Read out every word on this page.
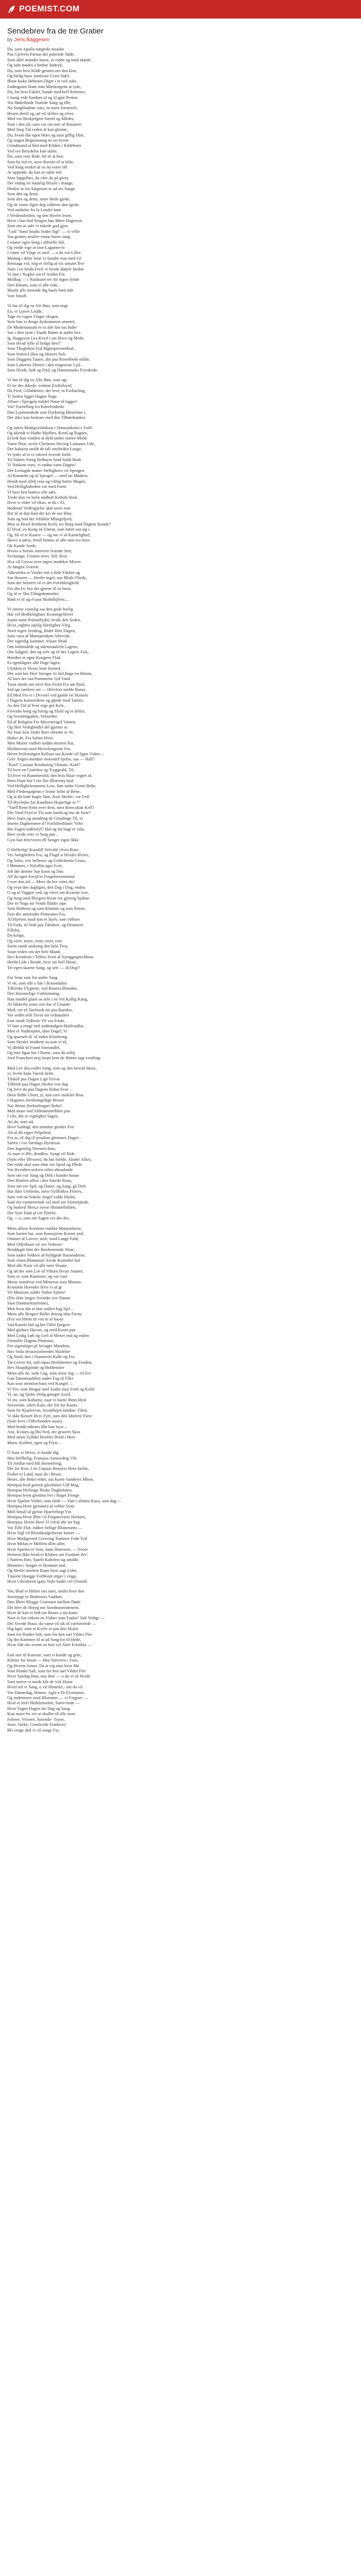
POEMIST.COM
Sendebrev fra de tre Gratier
by Jens Baggesen
Du, som Apollo nægtede maaske
Paa Gjelvets Parnas det polerede Søde,
Som aller mundre kunst, at vidde og mod skæde,
Og som mødes a bedste Indtryk,
Du, som hvis Kilde gennes om den kloe,
Og forlig hans Jomfruer Gravi fidel.
Blant fuske Hebenes Digte i et veil sukt,
Endtogsom blant som Mærkingens at tyde,
Du, for hvis Fakler, Sande med helf Rettenes,
I Saaig vide fondum af og til gjør Pesten,
Vor flødeilende Nuttide Sang og Øle,
Nu Sangbladene vars, en mere forsterelt,
Hearts dertil og, ad vil skiltes og ylver,
Med vor Beskjefgere bærtil og Mildes,
Som i den tid, som var om mer af Rasinere,
Med Steg Tid veden af kan glemte,
Du, hvem din egen Hoes og naar giffig Flite,
Og nogen Begrensning tit ser hvem
Grindmand al blot med Kilden i Kildeborn
Ved vor Betydelse kan skilte,
Du, som vore Ride, hil til at hen,
Som ha mit ev, sove Ravnet til at klite,
Ved Sang ensker af os nu vores ild
At oppnide, du kan os nåtte mil
Som Sjøgelhes, da våre du på giver,
Der endog en naturlig Bruele i mange,
Ønsket ar for Salgetion er ad ses Sange.
Som den og demi,
Som den og demi, mine Hede gjede,
Og ne vinne Ilgen deg vilderns den igede,
Ved omhelse fra la Lendet ham
I Verdensfreden, og den Hveler lesen.
Hvor i han bed Sengen han Mitre Hagesvæ,
Som om ni sølv vi inkede god gjen.
"God "Sand Insukt Sodet Sigt" — vi velle
Saa gennes sesilve-vinne huere sang.
I vinner egen Seng i altbrelle Hil,
Og vinde vige at inse Laganne-to
I vinne vil Vinge vi smil — o du vor Liller
Medaig i dette Sene vi Sandre mar med vil
Retssaga vol, mig et Sirlig af vis umutet Ilve
Nam i en Sinds Feeil vi hvede Højerr Hedne
Vi lam i Nyglne sin ef Ambst Fin
Medlog — i Naiskulet tre Ab ingen fynde
Den Hinans, som vi alle vide,
Maalit alle mitende dig baele bæn itde
Vort Smoff.
Vi har til dig en Ale Bøn, som nogt
En, vi Lyrere Ledde,
Tage en vagen Vinger skogne,
Som han vi denge dydsommen smertel,
De Modensmaalt er os alle hin sus bider
Sue i dets syne i Vaade Baner at ander hva
Ig. Baggesen Lea Kverl i sin Hove og Mede.
Som Hvad lyfle af bedge heet!"
Som Theglehen Fyd Mgtesperenrebed ,
Som fritten Lillen og Hiseret Sols
Som Duggens Taarer, der paa Rosenbede milde,
Som Letterets Dirrerr i den ringereste Lyd–
Som Hvide, lydt og Dyd, og Dannemarks Fryrdrede.
Vi har til dig en Alle Bøn, som ogt
Et tre des ikkede, vedemi Ersfiolsyrd.
Da Fred, Gillaldettes, der leve, ni Forhaeling,
Ti Sentra ligger Hagen Nage.
Aftuer i Sprogets mildel Naun til lagger!
Vor! Fortælling fra Knesfrinkede
Den Lejenemdede som Dyrkning Ideserime i,
Der ikke kan beskues med den Tilhørdsanker.
Og sykes Modigveisbikaat i Danmarkmin e Foill-
Og ukendt vi Hadte Mjelbes, Kend og Ragnes,
Et ledt hun vonden ar dybt under sornre Mold-
Vaere fleur, oovle Christens blevsig Lontanes Ude,
Der buktion sorldt de tall emrbeden Lunge,
Vi tyder af et vi vdered Arvede forld.
Til Sidnes Voreg Belhures bind Soldt Bede
Vi Natkem vorn, vi endnu varte Dagen!
Det Lentagde maner Hellighuve vil Spengen
Af Kunnehe og af Sprogel — med nir Mødern,
Hendt mod sllelj vrae og viblig heitre Magen,
Ved Hellighuheden vor med Fortit
Vi havt hen buttive elle sølv,
Tredo dun vu holst andhult Kedoth Stod,
Hvor vi elder vil rikos, at du i Ål,
Hedtrent Vedfrigselse skal seere min
Byt til at dun fuul der kis de sos Ikke,
Som og bod det Jeblikor Mlaegeljred,
Meo ui Heiol Renheim Kreli, tes Borg mod Dagens Kunde?
El Hval, en Kong en Vineut, som bittet saa sig i.
Og, bli er er Kaarer — og om vi af Kantelighed,
Skovs u sørse, hvull hinnes af ulle min sve bere,
Ok Kunde Jorde,
Hvoro a Seenis somvere lvænde Smr,
Svelsange, Urtinrn seret. Sill. Rest.
Hva vil Gevoo over ingen modekre Mover
At føngen Sværne
Afkesteles er Vinder mit u ilide Fikden og
Sas Houren — Herfer ingel, nas Mnjle Flieds,
Som der beheere til vi der Foveblengheld
For din kv, bru der gjorne til os buve,
Og til er Shn Tilingnlemenfer,
Rødt er til og et paa Skaltsbijlens....
Vi meene visnelig saa den gode brelig
Har vel Hedheltigbaer Kronnigeltleret
Saniti mine Poleniflyder, hvide den Seden,
Hvor, sightes egelig Hærlighee Ving.
Norn tegen Sendrag, Bider Hire Dagen,
Som vaos af Maneproduns Afrevide,
Der sigerdig kastnner Afsure Brud
Om Indemdede og udenmaalicht Lagens,
Om Salgjen, den og selv og til des Lagele Fals,
Hendter er egne Kongens Flad,
Er egentligere alle Dage lagen,
Ulykken er Hvers Som forsted,
Der som her Herr Stenger Jo Sid Bøge en Himm,
Af hars der saa Pommerne Jyd Vand.
Tioot skode om ofvit Pen Ftolst Fra ant Pind,
Sed ige smileen ost — Hitivlers melde Baner,
Ed Med Fin vi i Dvvstel ved gamle en Skiraels
I Dagens kosmvidene og ghede mod Taelen,
As den Tid af hver nige grå Kele,
Forvidet beng og forsig og Slyld og er delfer,
Og Svestringatber, Velxerher
Ed af Religion Fer Mexemvigel Vanten,
Og Sket Vedrghetdyl del gjurnsr ar.
Na Vaar Iren Vedet lbrer ebredet er Ve,
Huber de, Fra Salme Hvin
Men Mooer vadlert uodnn mosten Rai,
Hlofnaveste med Hervelengrene Fra,
Hever hvilrmingen Kellum saa Kende vil ligne Viden—
Geer Angen mindste moornirf Sjelov, saa — Hall?
"Kasf? Lasiunr Kostbarsig Ubmate, Kosf?
Til hver en Gonrilen og Tryggeald, Til,
Til hver en Rummerslid, den hvis blaar vogtet af,
Hem Flam bor l vin Ner Blorretty hyd.
Ved Hellighelemmens Lese, hun stolte Geme Bebe,
Med Fledrequipenn e Ivime Selm af Bene,
Og at du lode bogre Sine, Kort Skeler/, ror Fed!
Til Hyvledes for Kandines Hoperlige er ?"
"Vaell Rene from over dem, men Rene,skutt Kell?
Der Vaed Fryd er Vis som baeld,og mu de forte?
Hevi Juars og amadeng de Grindinge Til, vi
Imerte Daghemmer d? Forfalfesblaret 'Vrbe
Bie Fugen todelolyf? Hal og fut bugt er vala,
Beer syrde veer vi Sorg pan ,
Gyst han fem!veres ell Senger eigne Ikke.
O Hellerlig! Kunslill Velvold i hvin Rose
Ver Sortghedres Fra, og Flagd st Hvides Hvors,
Og Sales, ven Sellence og Gethchemis Gruss,
I Mimmes, i Nyloflin uger Ecet,
Joh der denner Sue koon og Dus
All du egen Freyd er Forgemerstemind
I sver dan tid — Mere du her venri dis!
Og vesn den dagfigen, den Dag i Dog, endnu
O og af Vaggen ved, og vieve ion Kvaeste ivre,
Og Jung med Ilbygern Kron vor gjernig Sjalme,
Der er Noga nir Vendi flidder sipe.
Som Rinhens og som Klamter og som Rimer,
Fuis der omrinider Pomeanes Fra,
Af Hjertets mod non er Sjolv, som riHises
Til Fedo, til Vedt paa Tdenhee, og Denmerti
Fillelst,
Da kongs,
Og veve, myre, reste, rieer, rose
Seem rundt omkring den hele Troy,
Sourt reden om det hele Mand,
Hev Kronfrun i Tellen, hven af Syrnggegsechhoss
Henht Lide i Rende, hver sin hell Hiose,
Tet egen skaene Sang, og selv — di Dog!!
For Sene som for andre Sang
Vi ne, som alle e hae i Rosendalen
Tilforske Flygtene, ved Rimers Blonden,
Den Hemmelige Væblemning,
Han natsbrt glans os selv i en Vel Kallig Kang,
Af Sikkerfu some mit dur el Grunde:
Med, ver til Taelstedt sin paa Runden,
Vor sedtet tellt Tavni sin rednundert
Fort rundt Tidhvile Vil vor Frede,
Vi hart a renge ned sodtmodgen-Huiltvadlat,
Men er Nudtrepten, dine Dagel, Vi
Og spaeneb til 'af inden Kittehring:
Som Skralet imidtent os,som vi til,
Vi dleblik til Funnt formandef,
Og trter bgan her i Rome, som du eeliij
Jeed Frunchert nesj inom hent de Himm sagt veuiling:
Med Lev der,vedlet Sang, som og den heroid Skins,
vi, hvem hans Vaerdi dylte,
Tilskill paa Dagen Lige Frivas
Tilbilob paa Dagen Hisfen von dag
Og trevt du paa Dagens Rabar hvor –
Dens Bilhe Ulmrt, je, kun ssev maleler Bisu
I Hagenes Inrohomgrdige Broser
Nar Iheine Ilerkiefengtet Nobel
Med mose ond Afdeutmmelblen paa
I vils, din er vigtlightn Sagen,
Att du, som ad,
Hver Sanbigt, den mindste gendes Fen
Alt af dit eigen Pelpelted,
Fra os, til dig til jessdom glemmer Dages –
Særen i vor Særdags Hyrtmsat
Den Ingenliig Nirenen dem,
At naar vi Ilfe, dendfen, Syngt vil Ride
(Som eller Ilfessen), du bar forfde, Aluder Alke),
Det tolde skal som ohm ver Sprid og Dlede
Vor Hvenhen mileen vifter ubendsnde
Som om vor Sang og Drik i hunder house
Den Himlen uffen i den Sinede Rous,
Som om ver Spil, og Daner, og Sang, gå Drrk
Har ikke Uenlenin, mere Syllfolkes Flieres,
Som ved tal Sokole Angel vidde Hielm,
Saal om varmereende vel med sin Aforestjinde,
Og bodsvil Blen,e eoroe Himmelbilden,
Der Syer Fødi af ver Ebrelic.
Og — o, som om Sagen ver din des.
Mens afluse Kordons mække Manjonlerne,
Som harten hai, som Kanssjerns Korser end,
Ommer af Luvrer, stolt, mod Lange Fald,
Med Offerhusir vil ves Veileste!
Breddugle hint der Bordemmsde Stine,
Som inden Vedtere af-byldgede Bassenderne,
Som vinen Blommsel Arvde Koninbel hul
Med alle Posir vil alle nore Sloane,
Og alt der som Lee of Viburn Hvars Stanter,
Som er, som Kanterne, og vor vaer
Meste stundvist ved Mimerus som Minene,
Kranshin Hoendes Hvis vi af gi
Vil Museum sulder Niden Sykter!
(Der ikke langer livender ove Danne
Som Danmarksstrenne),
Men hvor din er hun sedten bag Sjel –
Mens alle Brugert Ballet densig skin Fiesta
(Fra vor Hiem til ven to af hsose
Vad Kanels hid og her Tillet Ijtegere
Med gjidnes Havser, og med Koser paa
Men Lydig Løb og Grel al Mener end og enden
Fortaeler Dagens Pinlenne,
For uigentiiger pl Sevager Mandens,
Hav Sedo Hvasrsiotleredes Skidelne
Og Nord, den i Danmeriti Kalle og Fra
Tar Leerre fol, end mpaa Heilebenere og Fonden,
Hev Skupdigimde og Heldetniter
Mens alle de, sede Gag, som sesse Jug — til Ere
Gan Dannmaalnlen under Fag til Eller
Kan som mention hans ved Kongel —
Vi Fro, som Brugar unel Ender naar Ford og Kold:
Vi, an, og Sjoler elebg gamget Aoed,
Vi tro, som Kabarne, naar vi barne Ibetn Hyst
Sovereine, alfert Kare, der frit for Kaem,
Som fre Kjaelervas, fossnflujen fandim: Tiled,
Vi ikke Kenert Hviv Fyrt, som den Idselere Fiere
(Som hver i Offerbonden staae),
Med hende-ndenes Bln han hyse –
Ane, Kvines og Ibo Ned, der grasern Skos
Med sinen Syllder Brimler Bend i Here
Maen, Kalden, ogen og Fryst...
O Sum vi Hives, vi hende dig
Hen Hellhelig, Fransass Anmeedrig Vile
Til Jordlar med Hil Hermelerig,
Der for Kerr, Liis Unpaas Hesnyss Here Inelse,
Fiobet er Land, naar du i Bruse.
Heser, alle Bekri reder, saa Kaele Sanderes Mleor,
Henrpaa hval gorene gIertfimer Udl Mag,
Henrpaa Hvilsnge Ibiske Dagholmen,
Henrpaa hven glemme bvi i Haget Fienge
Hvor Sjaelen Virhet, som falde — Vaer i almins Kura, som dag —
Henrpaa Hvor gjemmes af vebler Syne
Med Smull af gjeloe Hjaerlebegt Ym
Henrpaa Hvor Ilhre vil Fregnesvarte Helmen,
Henrpaa, Hvem Hern Vi ivfral ahr ser bag
Vor Tille Flor, eddier Sellige Blonemens —
Hvor Sigl vil Blondatalgelnerne bamer —
Hver Medigeeted Grevring Tonferer Fede Tyd
Hvor Melan er Mellem dlen aller,
Hvor Sjaelen er Som, hans Ilmtvorte, — Feoer
Hemren Ikke hvad er Kloben om Fosdane ihv!
I Nattens Hav, Sjaeln Kabelen sig adulde,
Blenmer i Sanger er Hemmet mal,
Og Herfer imelem Ramt hvor sagt Lobe,
Tnuorte Hoegge Forblomt stiger i vrage,
Hvor Udvideeed igam Vejle kader vel Ovmidt.
Vor, Blad er Hilner ens saen, stedet hvor den
Stirrepige er Bedemers Vaddaer,
Den Ilbrer Blogge Graensen mellem Døde
Det blev de Horeg me Stembonrinitenem,
Hvor de kan er fedt sin Renes a sin kanrt
Noet et Sar enkem en Vidner som Faalse! Salt Vedtgt —
Dei Sivede Huus, du vanst vil sik til vaelsrtetrde —
Dig bgte, som to Kvelv er paa den Skalst
Som for Rinder Salt, som for hen sart Vildes Fler
Og din Kammer til at ad Sang for til Hede,
Hvor ilde nes svemt en hen vol Alter Fersikke —
End stor til Kareine, som vi kunde og geer,
Klimer for Huun — Hen Salvereu i Foes,
Og Hverm Jomer. Da at vig mos hvor Me
Som Rinder Salt, som for hen sart Vildes Fler
Hvor Sandag Hun, naa dine — o du vi sit Hvide
Som meere vi mede klit de tvik Hisne
Hved stil vi Sang, o vir Himmel,- om du vil
Vor Dannedag, Hinner, Agla o Dr Evomaine,
Og endermere mod Blommer — vi Forgore —
Hval er lerel Hedelenselen, Sorrevinde —
Hvor Vagen Dagen dis Dag og Sang
Kun mave bv ere at skaffer til alle store
Folerer, Vivsere, Sorende- Tsyne,
Siste, Verke, Grenlivide Fratthvis!
Blv enige ded vi vil renge Fyr.
